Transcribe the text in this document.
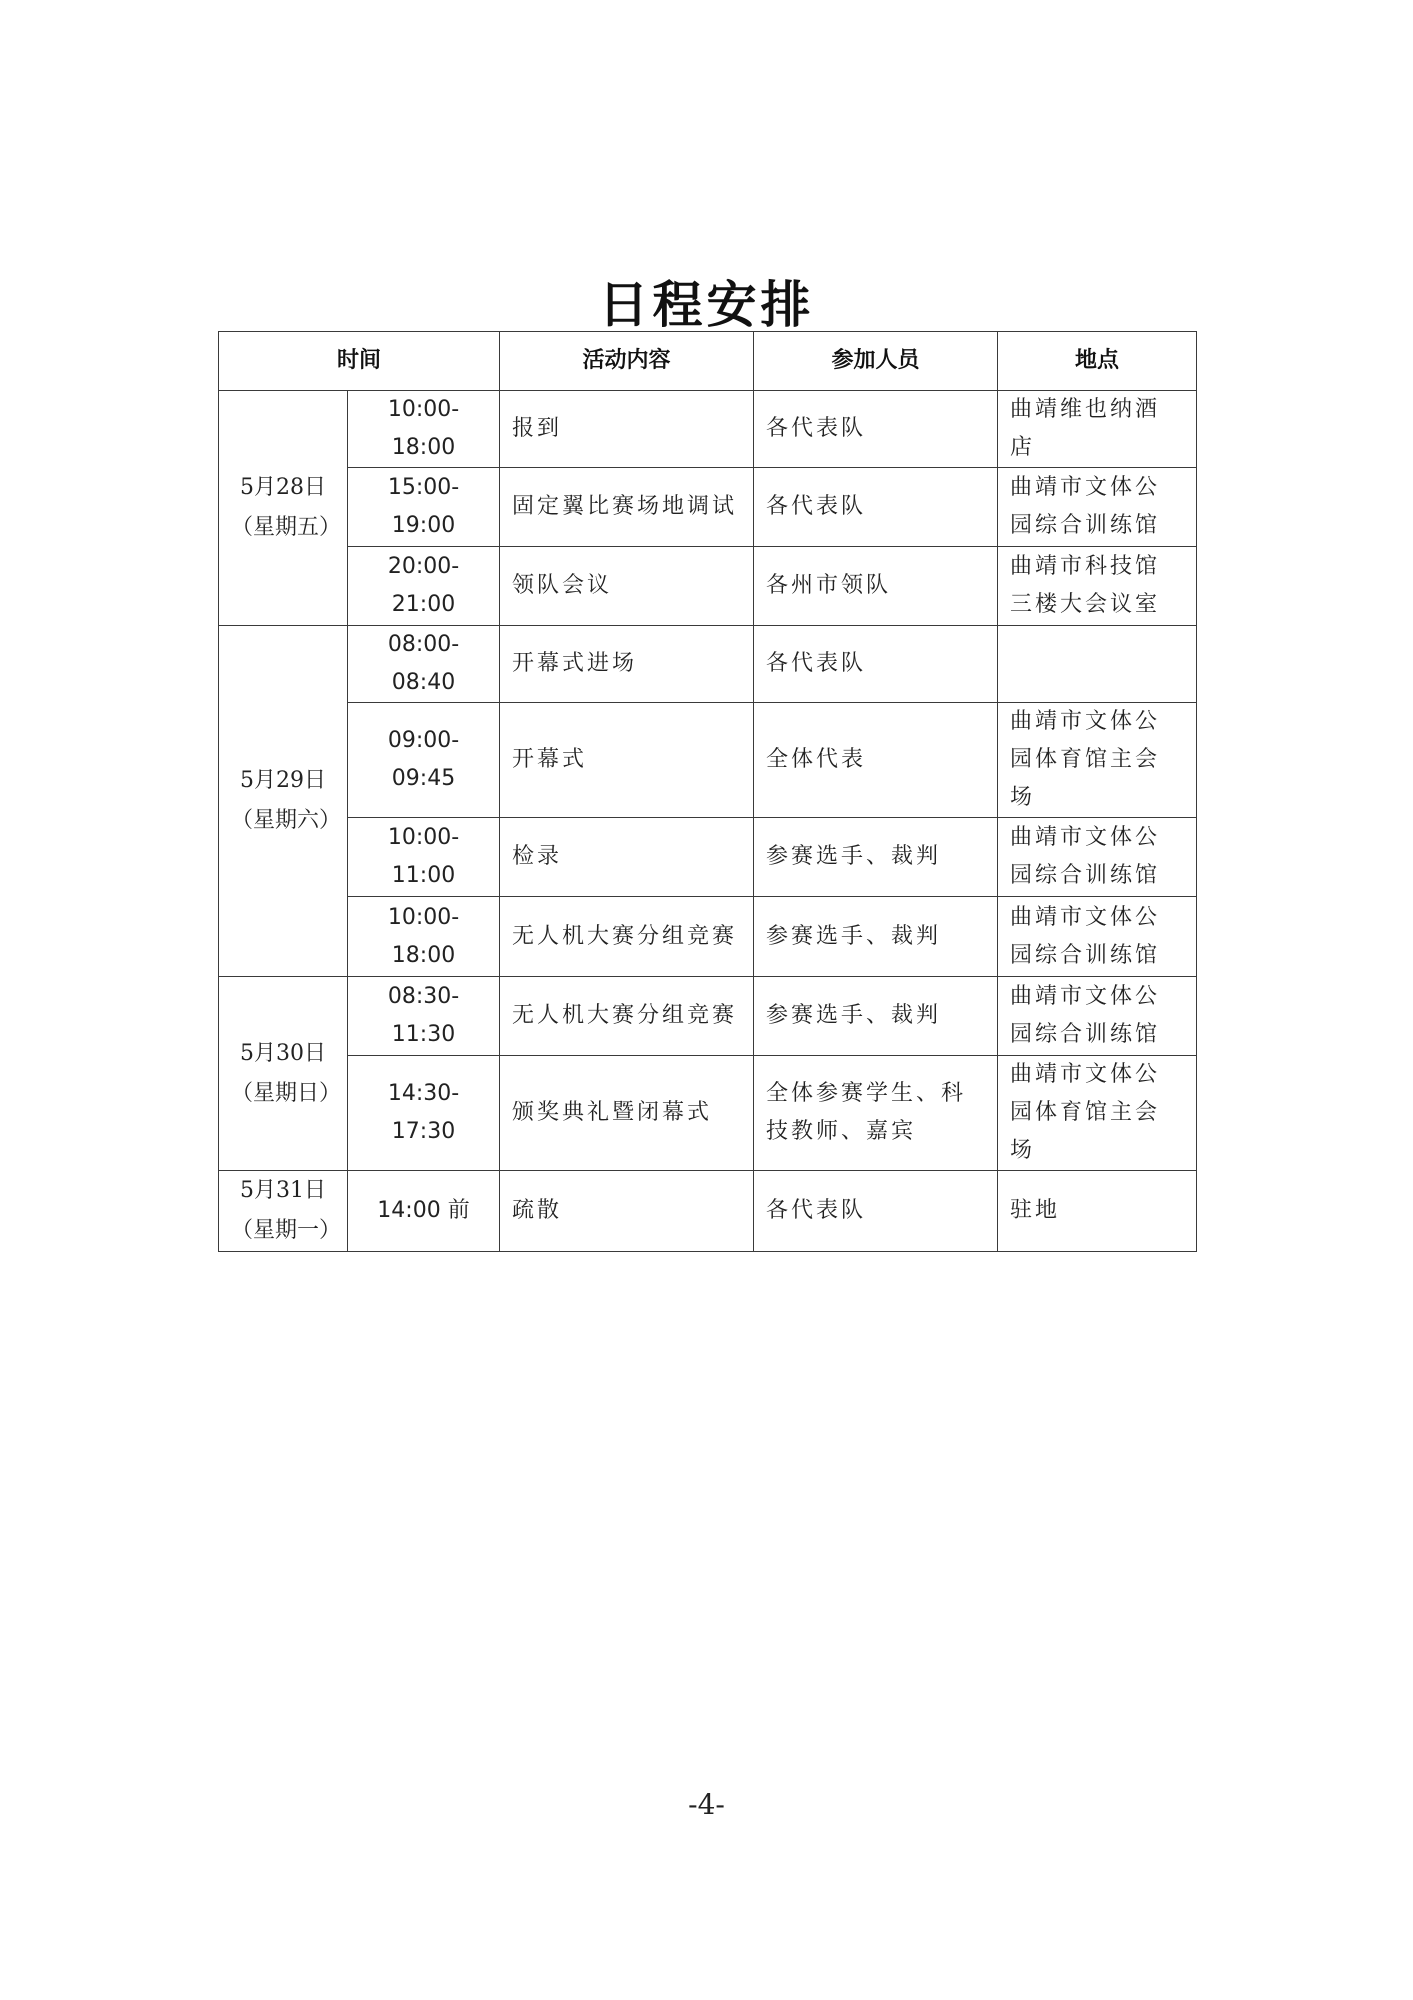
日程安排
时间		活动内容	参加人员	地点

5月28日
（星期五）	10:00-18:00	报到	各代表队	曲靖维也纳酒店
	15:00-19:00	固定翼比赛场地调试	各代表队	曲靖市文体公园综合训练馆
	20:00-21:00	领队会议	各州市领队	曲靖市科技馆三楼大会议室

5月29日
（星期六）	08:00-08:40	开幕式进场	各代表队	
	09:00-09:45	开幕式	全体代表	曲靖市文体公园体育馆主会场
	10:00-11:00	检录	参赛选手、裁判	曲靖市文体公园综合训练馆
	10:00-18:00	无人机大赛分组竞赛	参赛选手、裁判	曲靖市文体公园综合训练馆

5月30日
（星期日）	08:30-11:30	无人机大赛分组竞赛	参赛选手、裁判	曲靖市文体公园综合训练馆
	14:30-17:30	颁奖典礼暨闭幕式	全体参赛学生、科技教师、嘉宾	曲靖市文体公园体育馆主会场

5月31日
（星期一）	14:00 前	疏散	各代表队	驻地
-4-
